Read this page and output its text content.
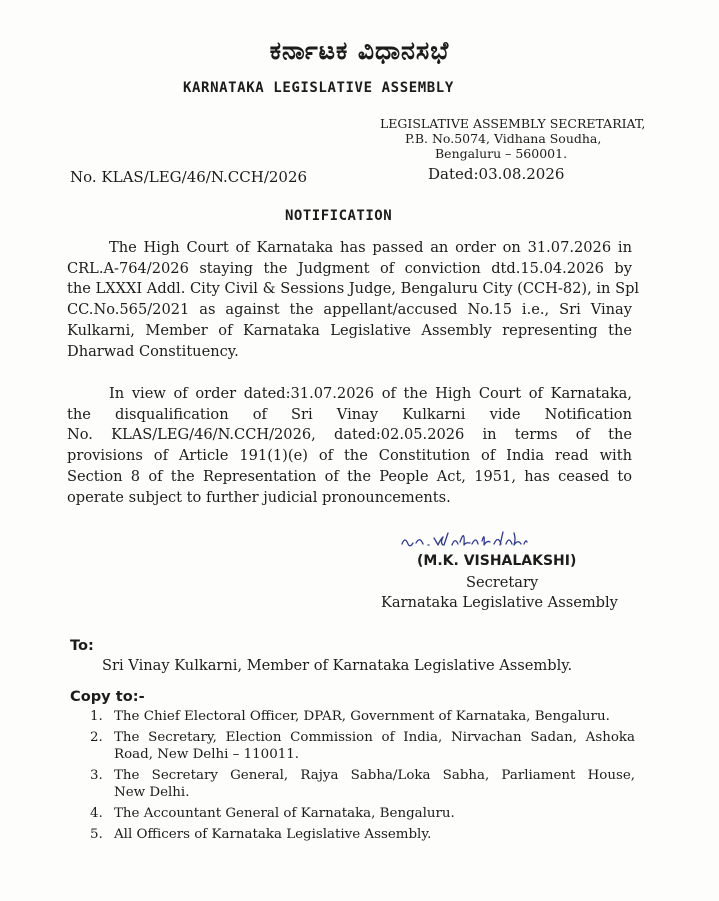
ಕರ್ನಾಟಕ ವಿಧಾನಸಭೆ
KARNATAKA LEGISLATIVE ASSEMBLY
LEGISLATIVE ASSEMBLY SECRETARIAT,
P.B. No.5074, Vidhana Soudha,
Bengaluru – 560001.
No. KLAS/LEG/46/N.CCH/2026	Dated:03.08.2026
NOTIFICATION
The High Court of Karnataka has passed an order on 31.07.2026 in
CRL.A-764/2026 staying the Judgment of conviction dtd.15.04.2026 by
the LXXXI Addl. City Civil & Sessions Judge, Bengaluru City (CCH-82), in Spl
CC.No.565/2021 as against the appellant/accused No.15 i.e., Sri Vinay
Kulkarni, Member of Karnataka Legislative Assembly representing the
Dharwad Constituency.
In view of order dated:31.07.2026 of the High Court of Karnataka,
the disqualification of Sri Vinay Kulkarni vide Notification
No. KLAS/LEG/46/N.CCH/2026, dated:02.05.2026 in terms of the
provisions of Article 191(1)(e) of the Constitution of India read with
Section 8 of the Representation of the People Act, 1951, has ceased to
operate subject to further judicial pronouncements.
(M.K. VISHALAKSHI)
Secretary
Karnataka Legislative Assembly
To:
Sri Vinay Kulkarni, Member of Karnataka Legislative Assembly.
Copy to:-
1. The Chief Electoral Officer, DPAR, Government of Karnataka, Bengaluru.
2. The Secretary, Election Commission of India, Nirvachan Sadan, Ashoka
Road, New Delhi – 110011.
3. The Secretary General, Rajya Sabha/Loka Sabha, Parliament House,
New Delhi.
4. The Accountant General of Karnataka, Bengaluru.
5. All Officers of Karnataka Legislative Assembly.
